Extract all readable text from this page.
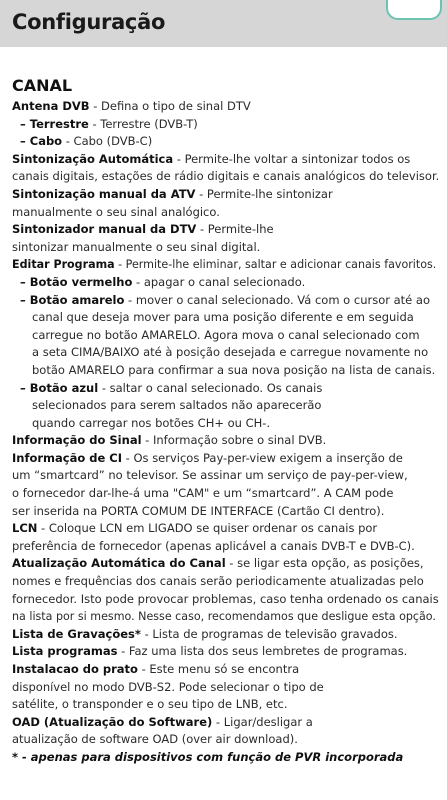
Configuração
CANAL
Antena DVB - Defina o tipo de sinal DTV
– Terrestre - Terrestre (DVB-T)
– Cabo - Cabo (DVB-C)
Sintonização Automática - Permite-lhe voltar a sintonizar todos os
canais digitais, estações de rádio digitais e canais analógicos do televisor.
Sintonização manual da ATV - Permite-lhe sintonizar
manualmente o seu sinal analógico.
Sintonizador manual da DTV - Permite-lhe
sintonizar manualmente o seu sinal digital.
Editar Programa - Permite-lhe eliminar, saltar e adicionar canais favoritos.
– Botão vermelho - apagar o canal selecionado.
– Botão amarelo - mover o canal selecionado. Vá com o cursor até ao
canal que deseja mover para uma posição diferente e em seguida
carregue no botão AMARELO. Agora mova o canal selecionado com
a seta CIMA/BAIXO até à posição desejada e carregue novamente no
botão AMARELO para confirmar a sua nova posição na lista de canais.
– Botão azul - saltar o canal selecionado. Os canais
selecionados para serem saltados não aparecerão
quando carregar nos botões CH+ ou CH-.
Informação do Sinal - Informação sobre o sinal DVB.
Informação de CI - Os serviços Pay-per-view exigem a inserção de
um “smartcard” no televisor. Se assinar um serviço de pay-per-view,
o fornecedor dar-lhe-á uma "CAM" e um “smartcard”. A CAM pode
ser inserida na PORTA COMUM DE INTERFACE (Cartão CI dentro).
LCN - Coloque LCN em LIGADO se quiser ordenar os canais por
preferência de fornecedor (apenas aplicável a canais DVB-T e DVB-C).
Atualização Automática do Canal - se ligar esta opção, as posições,
nomes e frequências dos canais serão periodicamente atualizadas pelo
fornecedor. Isto pode provocar problemas, caso tenha ordenado os canais
na lista por si mesmo. Nesse caso, recomendamos que desligue esta opção.
Lista de Gravações* - Lista de programas de televisão gravados.
Lista programas - Faz uma lista dos seus lembretes de programas.
Instalacao do prato - Este menu só se encontra
disponível no modo DVB-S2. Pode selecionar o tipo de
satélite, o transponder e o seu tipo de LNB, etc.
OAD (Atualização do Software) - Ligar/desligar a
atualização de software OAD (over air download).
* - apenas para dispositivos com função de PVR incorporada
